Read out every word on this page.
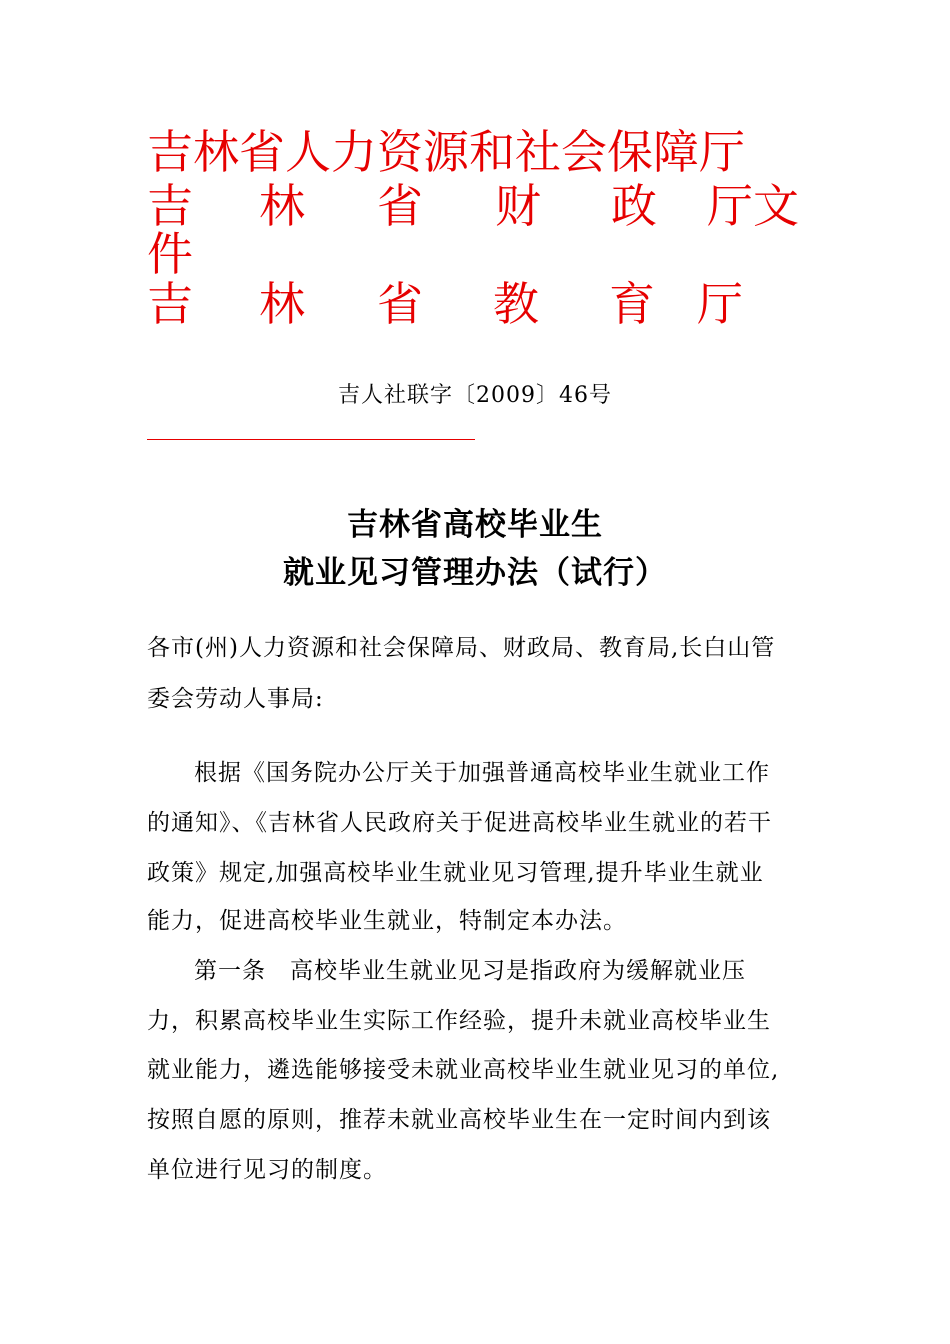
吉林省人力资源和社会保障厅

吉 林 省 财 政 厅文

件

吉 林 省 教 育 厅

吉人社联字〔2009〕46号

吉林省高校毕业生
就业见习管理办法（试行）

各市(州)人力资源和社会保障局、财政局、教育局,长白山管

委会劳动人事局:

根据《国务院办公厅关于加强普通高校毕业生就业工作

的通知》、《吉林省人民政府关于促进高校毕业生就业的若干

政策》规定,加强高校毕业生就业见习管理,提升毕业生就业

能力，促进高校毕业生就业，特制定本办法。

第一条　高校毕业生就业见习是指政府为缓解就业压

力，积累高校毕业生实际工作经验，提升未就业高校毕业生

就业能力，遴选能够接受未就业高校毕业生就业见习的单位,

按照自愿的原则，推荐未就业高校毕业生在一定时间内到该

单位进行见习的制度。
